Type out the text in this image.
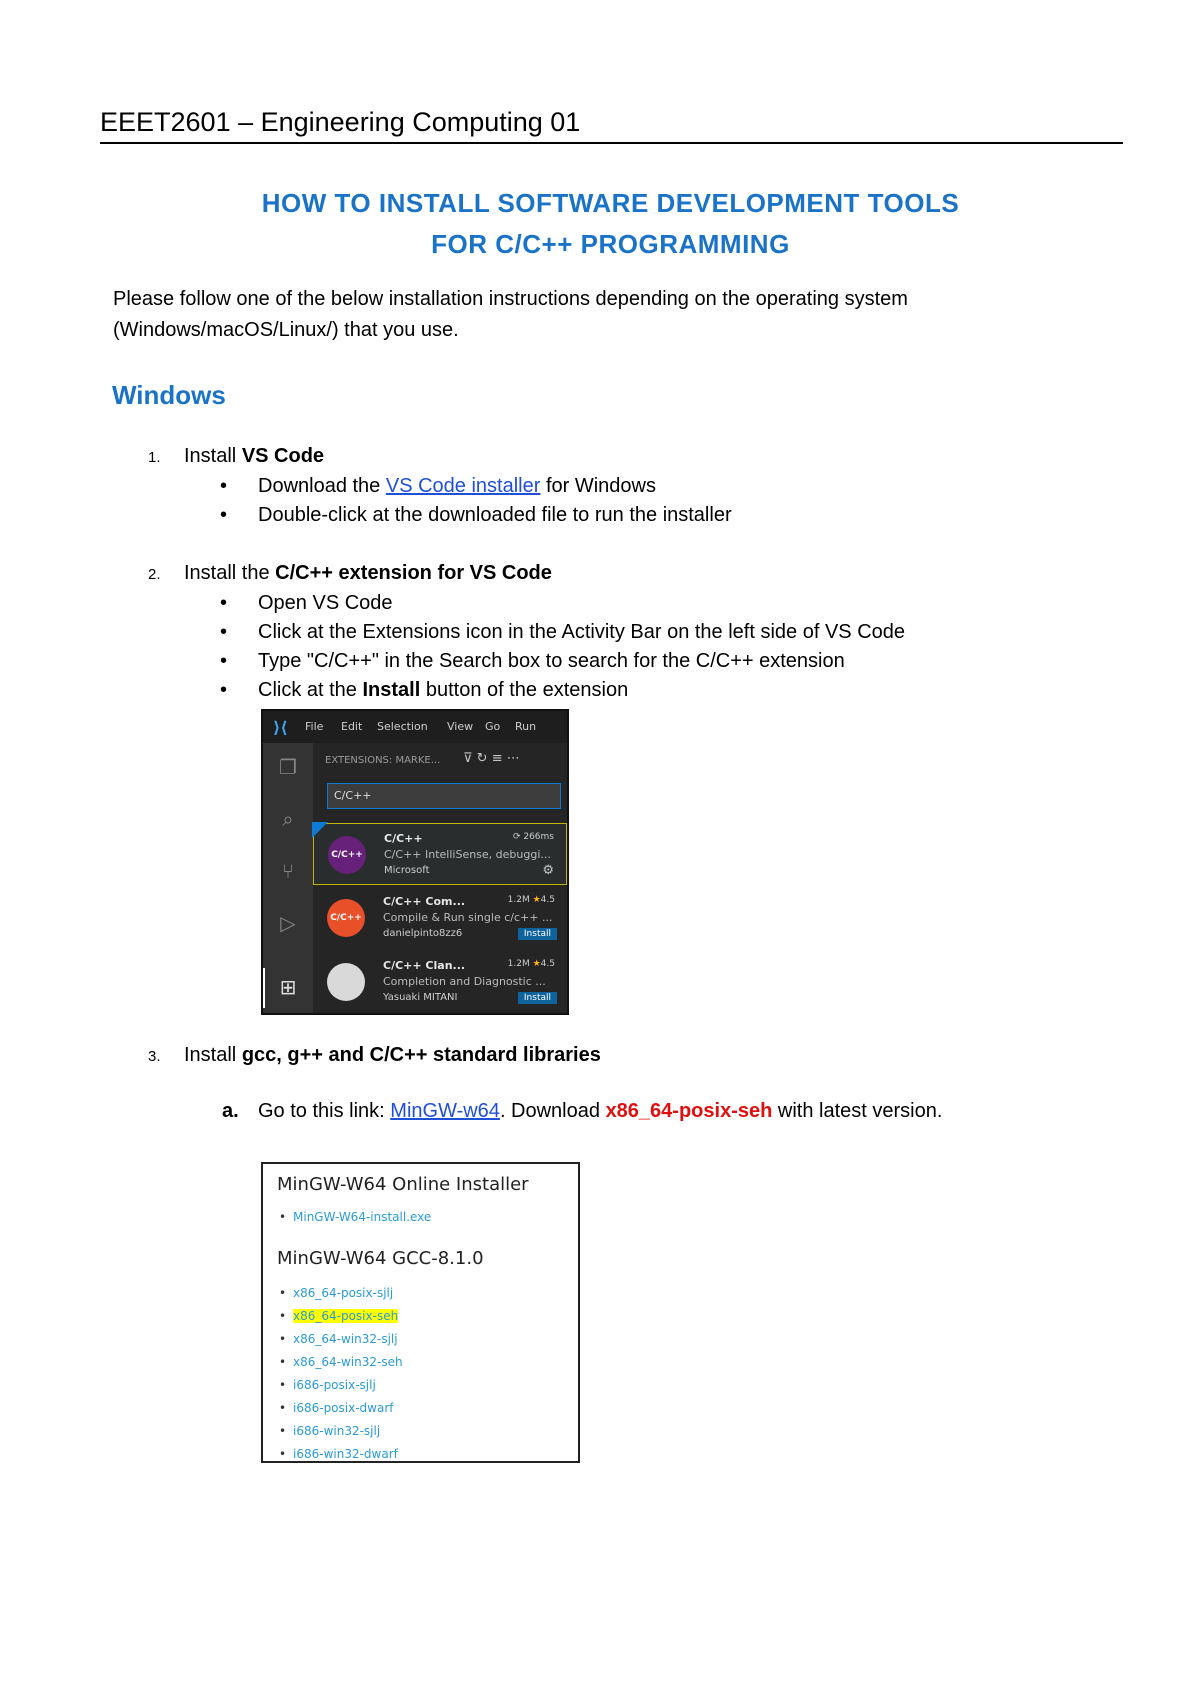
EEET2601 – Engineering Computing 01
HOW TO INSTALL SOFTWARE DEVELOPMENT TOOLS
FOR C/C++ PROGRAMMING

Please follow one of the below installation instructions depending on the operating system (Windows/macOS/Linux/) that you use.

Windows
1. Install VS Code
• Download the VS Code installer for Windows
• Double-click at the downloaded file to run the installer
2. Install the C/C++ extension for VS Code
• Open VS Code
• Click at the Extensions icon in the Activity Bar on the left side of VS Code
• Type "C/C++" in the Search box to search for the C/C++ extension
• Click at the Install button of the extension
⟩⟨ File Edit Selection View Go Run
❐
⌕
⑂
▷
⊞
EXTENSIONS: MARKE... ⊽ ↻ ≡ ⋯
C/C++
C/C++
C/C++	⟳ 266ms
C/C++ IntelliSense, debuggi...
Microsoft	⚙
C/C++
C/C++ Com...	1.2M ★4.5
Compile & Run single c/c++ ...
danielpinto8zz6	Install
C/C++ Clan...	1.2M ★4.5
Completion and Diagnostic ...
Yasuaki MITANI	Install
3. Install gcc, g++ and C/C++ standard libraries
a. Go to this link: MinGW-w64. Download x86_64-posix-seh with latest version.
MinGW-W64 Online Installer
• MinGW-W64-install.exe
MinGW-W64 GCC-8.1.0
• x86_64-posix-sjlj
• x86_64-posix-seh
• x86_64-win32-sjlj
• x86_64-win32-seh
• i686-posix-sjlj
• i686-posix-dwarf
• i686-win32-sjlj
• i686-win32-dwarf
